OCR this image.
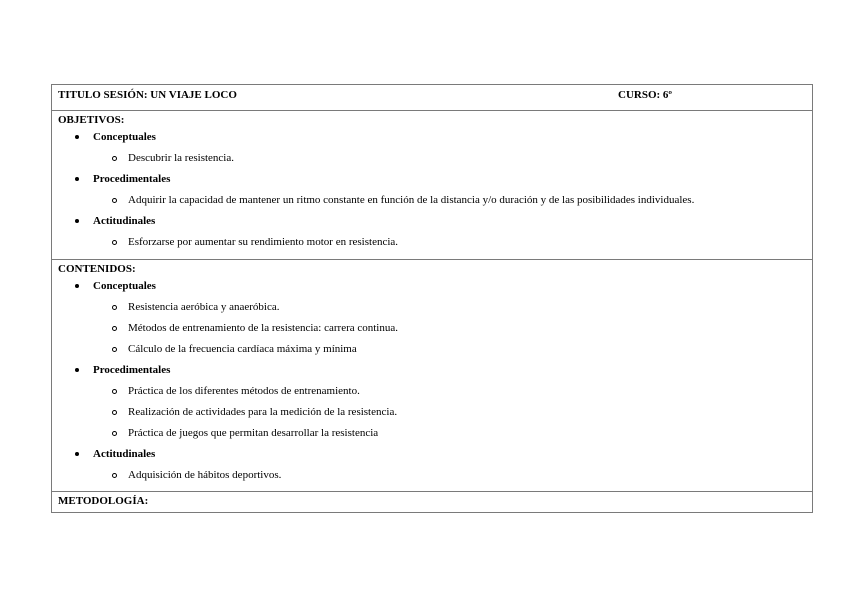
TITULO SESIÓN: UN VIAJE LOCO	CURSO: 6º

OBJETIVOS:
Conceptuales
Descubrir la resistencia.
Procedimentales
Adquirir la capacidad de mantener un ritmo constante en función de la distancia y/o duración y de las posibilidades individuales.
Actitudinales
Esforzarse por aumentar su rendimiento motor en resistencia.

CONTENIDOS:
Conceptuales
Resistencia aeróbica y anaeróbica.
Métodos de entrenamiento de la resistencia: carrera continua.
Cálculo de la frecuencia cardíaca máxima y mínima
Procedimentales
Práctica de los diferentes métodos de entrenamiento.
Realización de actividades para la medición de la resistencia.
Práctica de juegos que permitan desarrollar la resistencia
Actitudinales
Adquisición de hábitos deportivos.

METODOLOGÍA:
